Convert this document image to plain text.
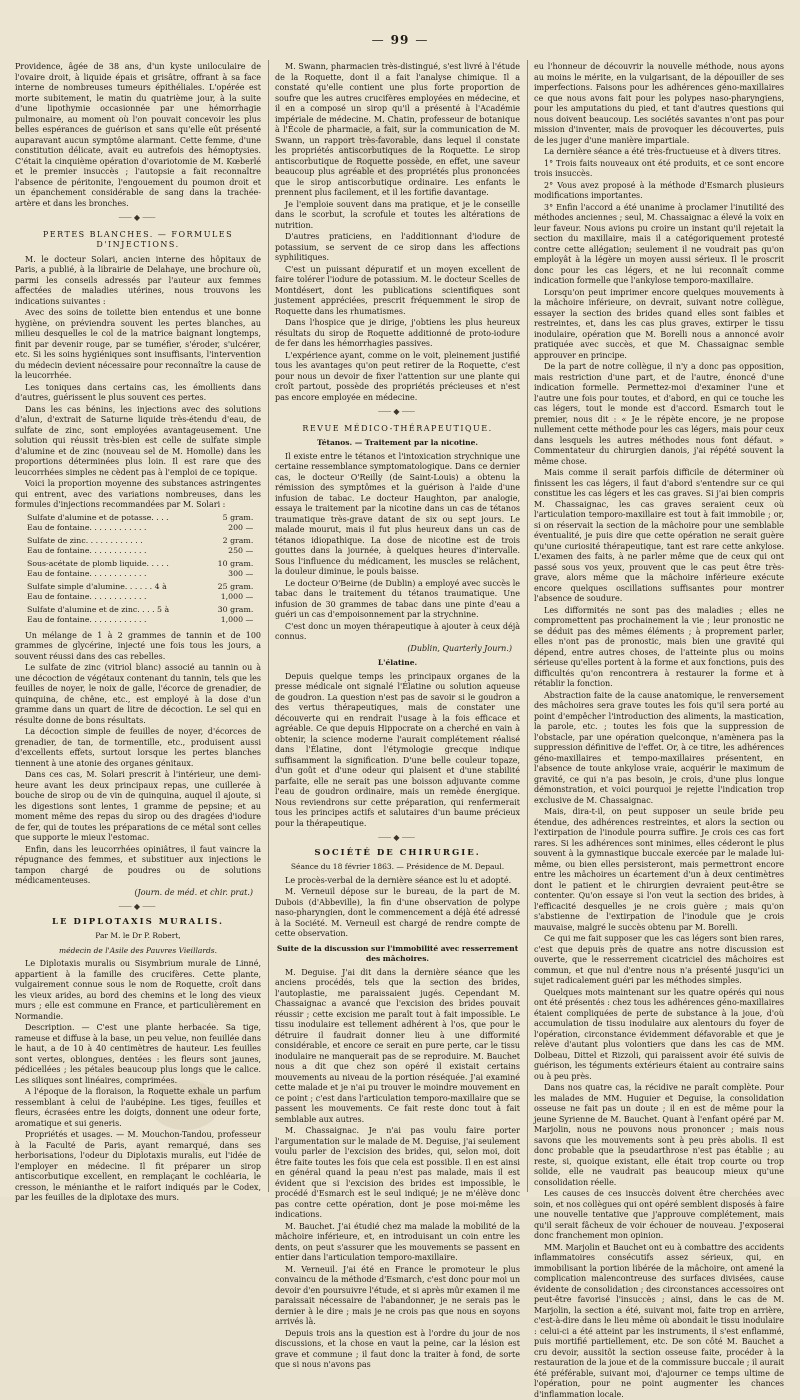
— 99 —

Providence, âgée de 38 ans, d'un kyste uniloculaire de l'ovaire droit, à liquide épais et grisâtre, offrant à sa face interne de nombreuses tumeurs épithéliales. L'opérée est morte subitement, le matin du quatrième jour, à la suite d'une lipothymie occasionnée par une hémorrhagie pulmonaire, au moment où l'on pouvait concevoir les plus belles espérances de guérison et sans qu'elle eût présenté auparavant aucun symptôme alarmant. Cette femme, d'une constitution délicate, avait eu autrefois des hémoptysies. C'était la cinquième opération d'ovariotomie de M. Kœberlé et le premier insuccès ; l'autopsie a fait reconnaître l'absence de péritonite, l'engouement du poumon droit et un épanchement considérable de sang dans la trachée-artère et dans les bronches.

⸺◆⸺
PERTES BLANCHES. — FORMULES D'INJECTIONS.

M. le docteur Solari, ancien interne des hôpitaux de Paris, a publié, à la librairie de Delahaye, une brochure où, parmi les conseils adressés par l'auteur aux femmes affectées de maladies utérines, nous trouvons les indications suivantes :

Avec des soins de toilette bien entendus et une bonne hygiène, on préviendra souvent les pertes blanches, au milieu desquelles le col de la matrice baignant longtemps, finit par devenir rouge, par se tuméfier, s'éroder, s'ulcérer, etc. Si les soins hygiéniques sont insuffisants, l'intervention du médecin devient nécessaire pour reconnaître la cause de la leucorrhée.

Les toniques dans certains cas, les émollients dans d'autres, guérissent le plus souvent ces pertes.

Dans les cas bénins, les injections avec des solutions d'alun, d'extrait de Saturne liquide très-étendu d'eau, de sulfate de zinc, sont employées avantageusement. Une solution qui réussit très-bien est celle de sulfate simple d'alumine et de zinc (nouveau sel de M. Homolle) dans les proportions déterminées plus loin. Il est rare que des leucorrhées simples ne cèdent pas à l'emploi de ce topique.

Voici la proportion moyenne des substances astringentes qui entrent, avec des variations nombreuses, dans les formules d'injections recommandées par M. Solari :

Sulfate d'alumine et de potasse. . . .	5 gram.
Eau de fontaine. . . . . . . . . . . .	200 —
Sulfate de zinc. . . . . . . . . . . .	2 gram.
Eau de fontaine. . . . . . . . . . . .	250 —
Sous-acétate de plomb liquide. . . . .	10 gram.
Eau de fontaine. . . . . . . . . . . .	300 —
Sulfate simple d'alumine. . . . . . 4 à	25 gram.
Eau de fontaine. . . . . . . . . . . .	1,000 —
Sulfate d'alumine et de zinc. . . . 5 à	30 gram.
Eau de fontaine. . . . . . . . . . . .	1,000 —

Un mélange de 1 à 2 grammes de tannin et de 100 grammes de glycérine, injecté une fois tous les jours, a souvent réussi dans des cas rebelles.

Le sulfate de zinc (vitriol blanc) associé au tannin ou à une décoction de végétaux contenant du tannin, tels que les feuilles de noyer, le noix de galle, l'écorce de grenadier, de quinquina, de chêne, etc., est employé à la dose d'un gramme dans un quart de litre de décoction. Le sel qui en résulte donne de bons résultats.

La décoction simple de feuilles de noyer, d'écorces de grenadier, de tan, de tormentille, etc., produisent aussi d'excellents effets, surtout lorsque les pertes blanches tiennent à une atonie des organes génitaux.

Dans ces cas, M. Solari prescrit à l'intérieur, une demi-heure avant les deux principaux repas, une cuillerée à bouche de sirop ou de vin de quinquina, auquel il ajoute, si les digestions sont lentes, 1 gramme de pepsine; et au moment même des repas du sirop ou des dragées d'iodure de fer, qui de toutes les préparations de ce métal sont celles que supporte le mieux l'estomac.

Enfin, dans les leucorrhées opiniâtres, il faut vaincre la répugnance des femmes, et substituer aux injections le tampon chargé de poudres ou de solutions médicamenteuses.

(Journ. de méd. et chir. prat.)
⸺◆⸺
LE DIPLOTAXIS MURALIS.
Par M. le Dr P. Robert,
médecin de l'Asile des Pauvres Vieillards.

Le Diplotaxis muralis ou Sisymbrium murale de Linné, appartient à la famille des crucifères. Cette plante, vulgairement connue sous le nom de Roquette, croît dans les vieux arides, au bord des chemins et le long des vieux murs ; elle est commune en France, et particulièrement en Normandie.

Description. — C'est une plante herbacée. Sa tige, rameuse et diffuse à la base, un peu velue, non feuillée dans le haut, a de 10 à 40 centimètres de hauteur. Les feuilles sont vertes, oblongues, dentées : les fleurs sont jaunes, pédicellées ; les pétales beaucoup plus longs que le calice. Les siliques sont linéaires, comprimées.

A l'époque de la floraison, la Roquette exhale un parfum ressemblant à celui de l'aubépine. Les tiges, feuilles et fleurs, écrasées entre les doigts, donnent une odeur forte, aromatique et sui generis.

Propriétés et usages. — M. Mouchon-Tandou, professeur à la Faculté de Paris, ayant remarqué, dans ses herborisations, l'odeur du Diplotaxis muralis, eut l'idée de l'employer en médecine. Il fit préparer un sirop antiscorbutique excellent, en remplaçant le cochléaria, le cresson, le ménianthe et le raifort indiqués par le Codex, par les feuilles de la diplotaxe des murs.

M. Swann, pharmacien très-distingué, s'est livré à l'étude de la Roquette, dont il a fait l'analyse chimique. Il a constaté qu'elle contient une plus forte proportion de soufre que les autres crucifères employées en médecine, et il en a composé un sirop qu'il a présenté à l'Académie impériale de médecine. M. Chatin, professeur de botanique à l'École de pharmacie, a fait, sur la communication de M. Swann, un rapport très-favorable, dans lequel il constate les propriétés antiscorbutiques de la Roquette. Le sirop antiscorbutique de Roquette possède, en effet, une saveur beaucoup plus agréable et des propriétés plus prononcées que le sirop antiscorbutique ordinaire. Les enfants le prennent plus facilement, et il les fortifie davantage.

Je l'emploie souvent dans ma pratique, et je le conseille dans le scorbut, la scrofule et toutes les altérations de nutrition.

D'autres praticiens, en l'additionnant d'iodure de potassium, se servent de ce sirop dans les affections syphilitiques.

C'est un puissant dépuratif et un moyen excellent de faire tolérer l'iodure de potassium. M. le docteur Scelles de Montdésert, dont les publications scientifiques sont justement appréciées, prescrit fréquemment le sirop de Roquette dans les rhumatismes.

Dans l'hospice que je dirige, j'obtiens les plus heureux résultats du sirop de Roquette additionné de proto-iodure de fer dans les hémorrhagies passives.

L'expérience ayant, comme on le voit, pleinement justifié tous les avantages qu'on peut retirer de la Roquette, c'est pour nous un devoir de fixer l'attention sur une plante qui croît partout, possède des propriétés précieuses et n'est pas encore employée en médecine.

⸺◆⸺
REVUE MÉDICO-THÉRAPEUTIQUE.
Tétanos. — Traitement par la nicotine.

Il existe entre le tétanos et l'intoxication strychnique une certaine ressemblance symptomatologique. Dans ce dernier cas, le docteur O'Reilly (de Saint-Louis) a obtenu la rémission des symptômes et la guérison à l'aide d'une infusion de tabac. Le docteur Haughton, par analogie, essaya le traitement par la nicotine dans un cas de tétanos traumatique très-grave datant de six ou sept jours. Le malade mourut, mais il fut plus heureux dans un cas de tétanos idiopathique. La dose de nicotine est de trois gouttes dans la journée, à quelques heures d'intervalle. Sous l'influence du médicament, les muscles se relâchent, la douleur diminue, le pouls baisse.

Le docteur O'Beirne (de Dublin) a employé avec succès le tabac dans le traitement du tétanos traumatique. Une infusion de 30 grammes de tabac dans une pinte d'eau a guéri un cas d'empoisonnement par la strychnine.

C'est donc un moyen thérapeutique à ajouter à ceux déjà connus.

(Dublin, Quarterly Journ.)
L'élatine.

Depuis quelque temps les principaux organes de la presse médicale ont signalé l'Élatine ou solution aqueuse de goudron. La question n'est pas de savoir si le goudron a des vertus thérapeutiques, mais de constater une découverte qui en rendrait l'usage à la fois efficace et agréable. Ce que depuis Hippocrate on a cherché en vain à obtenir, la science moderne l'aurait complétement réalisé dans l'Élatine, dont l'étymologie grecque indique suffisamment la signification. D'une belle couleur topaze, d'un goût et d'une odeur qui plaisent et d'une stabilité parfaite, elle ne serait pas une boisson adjuvante comme l'eau de goudron ordinaire, mais un remède énergique. Nous reviendrons sur cette préparation, qui renfermerait tous les principes actifs et salutaires d'un baume précieux pour la thérapeutique.

⸺◆⸺
SOCIÉTÉ DE CHIRURGIE.
Séance du 18 février 1863. — Présidence de M. Depaul.

Le procès-verbal de la dernière séance est lu et adopté.

M. Verneuil dépose sur le bureau, de la part de M. Dubois (d'Abbeville), la fin d'une observation de polype naso-pharyngien, dont le commencement a déjà été adressé à la Société. M. Verneuil est chargé de rendre compte de cette observation.

Suite de la discussion sur l'immobilité avec resserrement des mâchoires.

M. Deguise. J'ai dit dans la dernière séance que les anciens procédés, tels que la section des brides, l'autoplastie, me paraissaient jugés. Cependant M. Chassaignac a avancé que l'excision des brides pouvait réussir ; cette excision me paraît tout à fait impossible. Le tissu inodulaire est tellement adhérent à l'os, que pour le détruire il faudrait donner lieu à une difformité considérable, et encore ce serait en pure perte, car le tissu inodulaire ne manquerait pas de se reproduire. M. Bauchet nous a dit que chez son opéré il existait certains mouvements au niveau de la portion réséquée. J'ai examiné cette malade et je n'ai pu trouver le moindre mouvement en ce point ; c'est dans l'articulation temporo-maxillaire que se passent les mouvements. Ce fait reste donc tout à fait semblable aux autres.

M. Chassaignac. Je n'ai pas voulu faire porter l'argumentation sur le malade de M. Deguise, j'ai seulement voulu parler de l'excision des brides, qui, selon moi, doit être faite toutes les fois que cela est possible. Il en est ainsi en général quand la peau n'est pas malade, mais il est évident que si l'excision des brides est impossible, le procédé d'Esmarch est le seul indiqué; je ne m'élève donc pas contre cette opération, dont je pose moi-même les indications.

M. Bauchet. J'ai étudié chez ma malade la mobilité de la mâchoire inférieure, et, en introduisant un coin entre les dents, on peut s'assurer que les mouvements se passent en entier dans l'articulation temporo-maxillaire.

M. Verneuil. J'ai été en France le promoteur le plus convaincu de la méthode d'Esmarch, c'est donc pour moi un devoir d'en poursuivre l'étude, et si après mûr examen il me paraissait nécessaire de l'abandonner, je ne serais pas le dernier à le dire ; mais je ne crois pas que nous en soyons arrivés là.

Depuis trois ans la question est à l'ordre du jour de nos discussions, et la chose en vaut la peine, car la lésion est grave et commune ; il faut donc la traiter à fond, de sorte que si nous n'avons pas

eu l'honneur de découvrir la nouvelle méthode, nous ayons au moins le mérite, en la vulgarisant, de la dépouiller de ses imperfections. Faisons pour les adhérences géno-maxillaires ce que nous avons fait pour les polypes naso-pharyngiens, pour les amputations du pied, et tant d'autres questions qui nous doivent beaucoup. Les sociétés savantes n'ont pas pour mission d'inventer, mais de provoquer les découvertes, puis de les juger d'une manière impartiale.

La dernière séance a été très-fructueuse et à divers titres.

1° Trois faits nouveaux ont été produits, et ce sont encore trois insuccès.

2° Vous avez proposé à la méthode d'Esmarch plusieurs modifications importantes.

3° Enfin l'accord a été unanime à proclamer l'inutilité des méthodes anciennes ; seul, M. Chassaignac a élevé la voix en leur faveur. Nous avions pu croire un instant qu'il rejetait la section du maxillaire, mais il a catégoriquement protesté contre cette allégation; seulement il ne voudrait pas qu'on employât à la légère un moyen aussi sérieux. Il le proscrit donc pour les cas légers, et ne lui reconnaît comme indication formelle que l'ankylose temporo-maxillaire.

Lorsqu'on peut imprimer encore quelques mouvements à la mâchoire inférieure, on devrait, suivant notre collègue, essayer la section des brides quand elles sont faibles et restreintes, et, dans les cas plus graves, extirper le tissu inodulaire, opération que M. Borelli nous a annoncé avoir pratiquée avec succès, et que M. Chassaignac semble approuver en principe.

De la part de notre collègue, il n'y a donc pas opposition, mais restriction d'une part, et de l'autre, énoncé d'une indication formelle. Permettez-moi d'examiner l'une et l'autre une fois pour toutes, et d'abord, en qui ce touche les cas légers, tout le monde est d'accord. Esmarch tout le premier, nous dit : « Je le répète encore, je ne propose nullement cette méthode pour les cas légers, mais pour ceux dans lesquels les autres méthodes nous font défaut. » Commentateur du chirurgien danois, j'ai répété souvent la même chose.

Mais comme il serait parfois difficile de déterminer où finissent les cas légers, il faut d'abord s'entendre sur ce qui constitue les cas légers et les cas graves. Si j'ai bien compris M. Chassaignac, les cas graves seraient ceux où l'articulation temporo-maxillaire est tout à fait immobile ; or, si on réservait la section de la mâchoire pour une semblable éventualité, je puis dire que cette opération ne serait guère qu'une curiosité thérapeutique, tant est rare cette ankylose. L'examen des faits, à ne parler même que de ceux qui ont passé sous vos yeux, prouvent que le cas peut être très-grave, alors même que la mâchoire inférieure exécute encore quelques oscillations suffisantes pour montrer l'absence de soudure.

Les difformités ne sont pas des maladies ; elles ne compromettent pas prochainement la vie ; leur pronostic ne se déduit pas des mêmes éléments ; à proprement parler, elles n'ont pas de pronostic, mais bien une gravité qui dépend, entre autres choses, de l'atteinte plus ou moins sérieuse qu'elles portent à la forme et aux fonctions, puis des difficultés qu'on rencontrera à restaurer la forme et à rétablir la fonction.

Abstraction faite de la cause anatomique, le renversement des mâchoires sera grave toutes les fois qu'il sera porté au point d'empêcher l'introduction des aliments, la mastication, la parole, etc. ; toutes les fois que la suppression de l'obstacle, par une opération quelconque, n'amènera pas la suppression définitive de l'effet. Or, à ce titre, les adhérences géno-maxillaires et tempo-maxillaires présentent, en l'absence de toute ankylose vraie, acquérir le maximum de gravité, ce qui n'a pas besoin, je crois, d'une plus longue démonstration, et voici pourquoi je rejette l'indication trop exclusive de M. Chassaignac.

Mais, dira-t-il, on peut supposer un seule bride peu étendue, des adhérences restreintes, et alors la section ou l'extirpation de l'inodule pourra suffire. Je crois ces cas fort rares. Si les adhérences sont minimes, elles céderont le plus souvent à la gymnastique buccale exercée par le malade lui-même, ou bien elles persisteront, mais permettront encore entre les mâchoires un écartement d'un à deux centimètres dont le patient et le chirurgien devraient peut-être se contenter. Qu'on essaye si l'on veut la section des brides, à l'efficacité desquelles je ne crois guère ; mais qu'on s'abstienne de l'extirpation de l'inodule que je crois mauvaise, malgré le succès obtenu par M. Borelli.

Ce qui me fait supposer que les cas légers sont bien rares, c'est que depuis près de quatre ans notre discussion est ouverte, que le resserrement cicatriciel des mâchoires est commun, et que nul d'entre nous n'a présenté jusqu'ici un sujet radicalement guéri par les méthodes simples.

Quelques mots maintenant sur les quatre opérés qui nous ont été présentés : chez tous les adhérences géno-maxillaires étaient compliquées de perte de substance à la joue, d'où accumulation de tissu inodulaire aux alentours du foyer de l'opération, circonstance évidemment défavorable et que je relève d'autant plus volontiers que dans les cas de MM. Dolbeau, Dittel et Rizzoli, qui paraissent avoir été suivis de guérison, les téguments extérieurs étaient au contraire sains ou à peu près.

Dans nos quatre cas, la récidive ne paraît complète. Pour les malades de MM. Huguier et Deguise, la consolidation osseuse ne fait pas un doute ; il en est de même pour la jeune Syrienne de M. Bauchet. Quant à l'enfant opéré par M. Marjolin, nous ne pouvons nous prononcer ; mais nous savons que les mouvements sont à peu près abolis. Il est donc probable que la pseudarthrose n'est pas établie ; au reste, si, quoique existant, elle était trop courte ou trop solide, elle ne vaudrait pas beaucoup mieux qu'une consolidation réelle.

Les causes de ces insuccès doivent être cherchées avec soin, et nos collègues qui ont opéré semblent disposés à faire une nouvelle tentative que j'approuve complétement, mais qu'il serait fâcheux de voir échouer de nouveau. J'exposerai donc franchement mon opinion.

MM. Marjolin et Bauchet ont eu à combattre des accidents inflammatoires consécutifs assez sérieux, qui, en immobilisant la portion libérée de la mâchoire, ont amené la complication malencontreuse des surfaces divisées, cause évidente de consolidation ; des circonstances accessoires ont peut-être favorisé l'insuccès ; ainsi, dans le cas de M. Marjolin, la section a été, suivant moi, faite trop en arrière, c'est-à-dire dans le lieu même où abondait le tissu inodulaire : celui-ci a été atteint par les instruments, il s'est enflammé, puis mortifié partiellement, etc. De son côté M. Bauchet a cru devoir, aussitôt la section osseuse faite, procéder à la restauration de la joue et de la commissure buccale ; il aurait été préférable, suivant moi, d'ajourner ce temps ultime de l'opération, pour ne point augmenter les chances d'inflammation locale.
